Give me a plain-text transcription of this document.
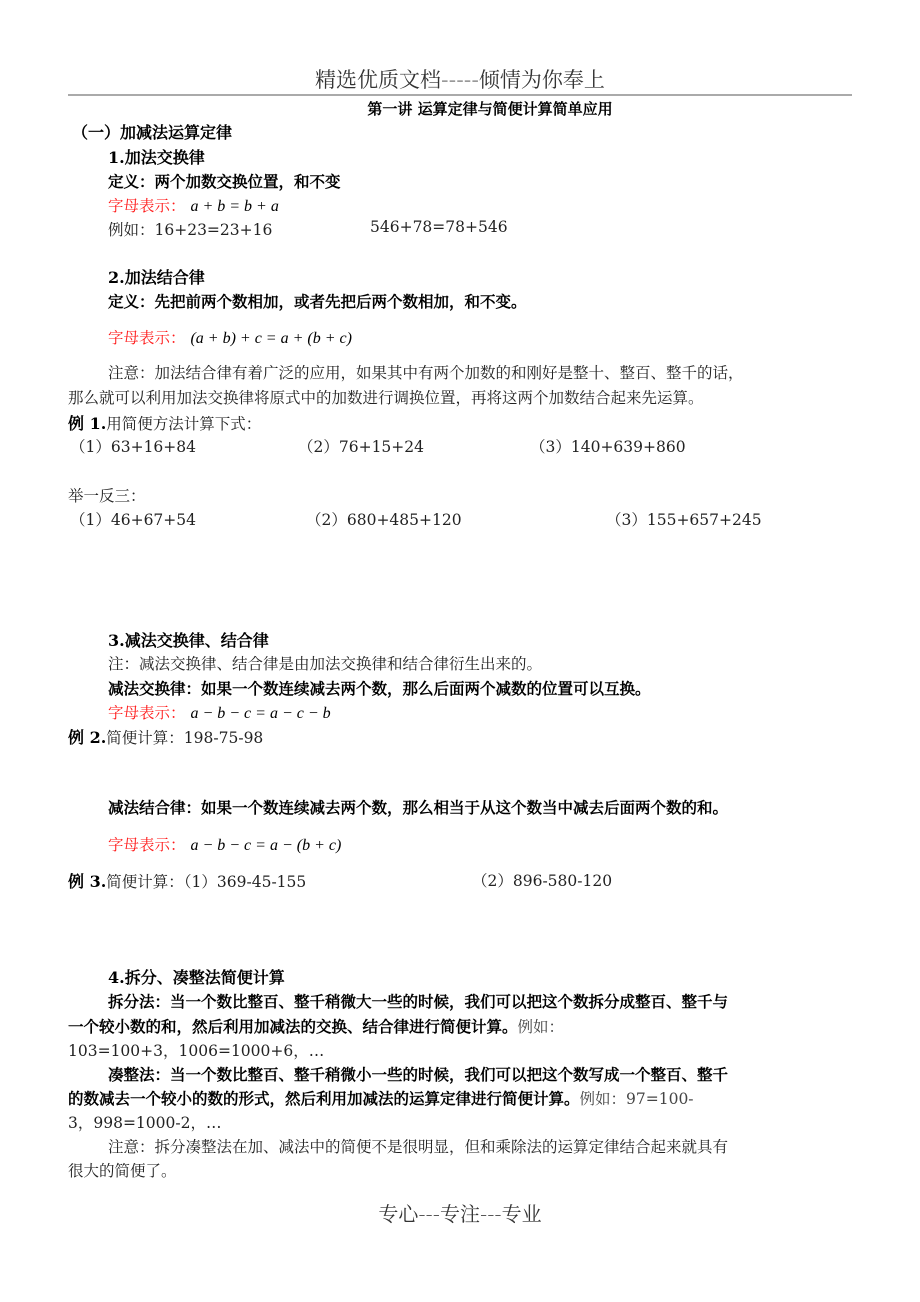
精选优质文档-----倾情为你奉上
第一讲 运算定律与简便计算简单应用
（一）加减法运算定律
1.加法交换律
定义：两个加数交换位置，和不变
字母表示： a + b = b + a
例如：16+23=23+16	546+78=78+546
2.加法结合律
定义：先把前两个数相加，或者先把后两个数相加，和不变。
字母表示： (a + b) + c = a + (b + c)
注意：加法结合律有着广泛的应用，如果其中有两个加数的和刚好是整十、整百、整千的话，
那么就可以利用加法交换律将原式中的加数进行调换位置，再将这两个加数结合起来先运算。
例 1.用简便方法计算下式：
（1）63+16+84	（2）76+15+24	（3）140+639+860
举一反三：
（1）46+67+54	（2）680+485+120	（3）155+657+245
3.减法交换律、结合律
注：减法交换律、结合律是由加法交换律和结合律衍生出来的。
减法交换律：如果一个数连续减去两个数，那么后面两个减数的位置可以互换。
字母表示： a − b − c = a − c − b
例 2.简便计算：198-75-98
减法结合律：如果一个数连续减去两个数，那么相当于从这个数当中减去后面两个数的和。
字母表示： a − b − c = a − (b + c)
例 3.简便计算：（1）369-45-155	（2）896-580-120
4.拆分、凑整法简便计算
拆分法：当一个数比整百、整千稍微大一些的时候，我们可以把这个数拆分成整百、整千与
一个较小数的和，然后利用加减法的交换、结合律进行简便计算。例如：
103=100+3，1006=1000+6，…
凑整法：当一个数比整百、整千稍微小一些的时候，我们可以把这个数写成一个整百、整千
的数减去一个较小的数的形式，然后利用加减法的运算定律进行简便计算。例如：97=100-
3，998=1000-2，…
注意：拆分凑整法在加、减法中的简便不是很明显，但和乘除法的运算定律结合起来就具有
很大的简便了。
专心---专注---专业
